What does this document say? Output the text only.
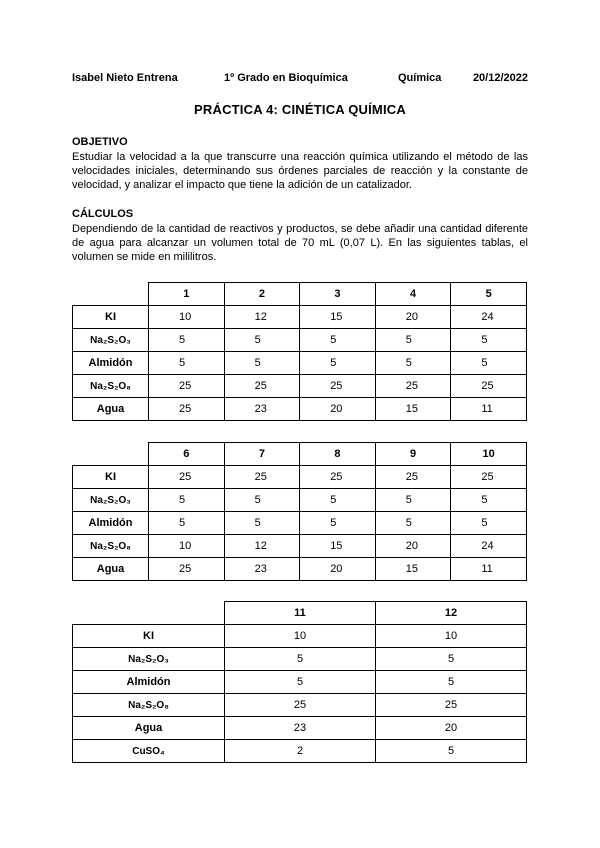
Isabel Nieto Entrena	1º Grado en Bioquímica	Química	20/12/2022
PRÁCTICA 4: CINÉTICA QUÍMICA
OBJETIVO

Estudiar la velocidad a la que transcurre una reacción química utilizando el método de las velocidades iniciales, determinando sus órdenes parciales de reacción y la constante de velocidad, y analizar el impacto que tiene la adición de un catalizador.

CÁLCULOS

Dependiendo de la cantidad de reactivos y productos, se debe añadir una cantidad diferente de agua para alcanzar un volumen total de 70 mL (0,07 L). En las siguientes tablas, el volumen se mide en mililitros.

	1	2	3	4	5
KI	10	12	15	20	24
Na₂S₂O₃	5	5	5	5	5
Almidón	5	5	5	5	5
Na₂S₂O₈	25	25	25	25	25
Agua	25	23	20	15	11
	6	7	8	9	10
KI	25	25	25	25	25
Na₂S₂O₃	5	5	5	5	5
Almidón	5	5	5	5	5
Na₂S₂O₈	10	12	15	20	24
Agua	25	23	20	15	11
	11	12
KI	10	10
Na₂S₂O₃	5	5
Almidón	5	5
Na₂S₂O₈	25	25
Agua	23	20
CuSO₄	2	5
